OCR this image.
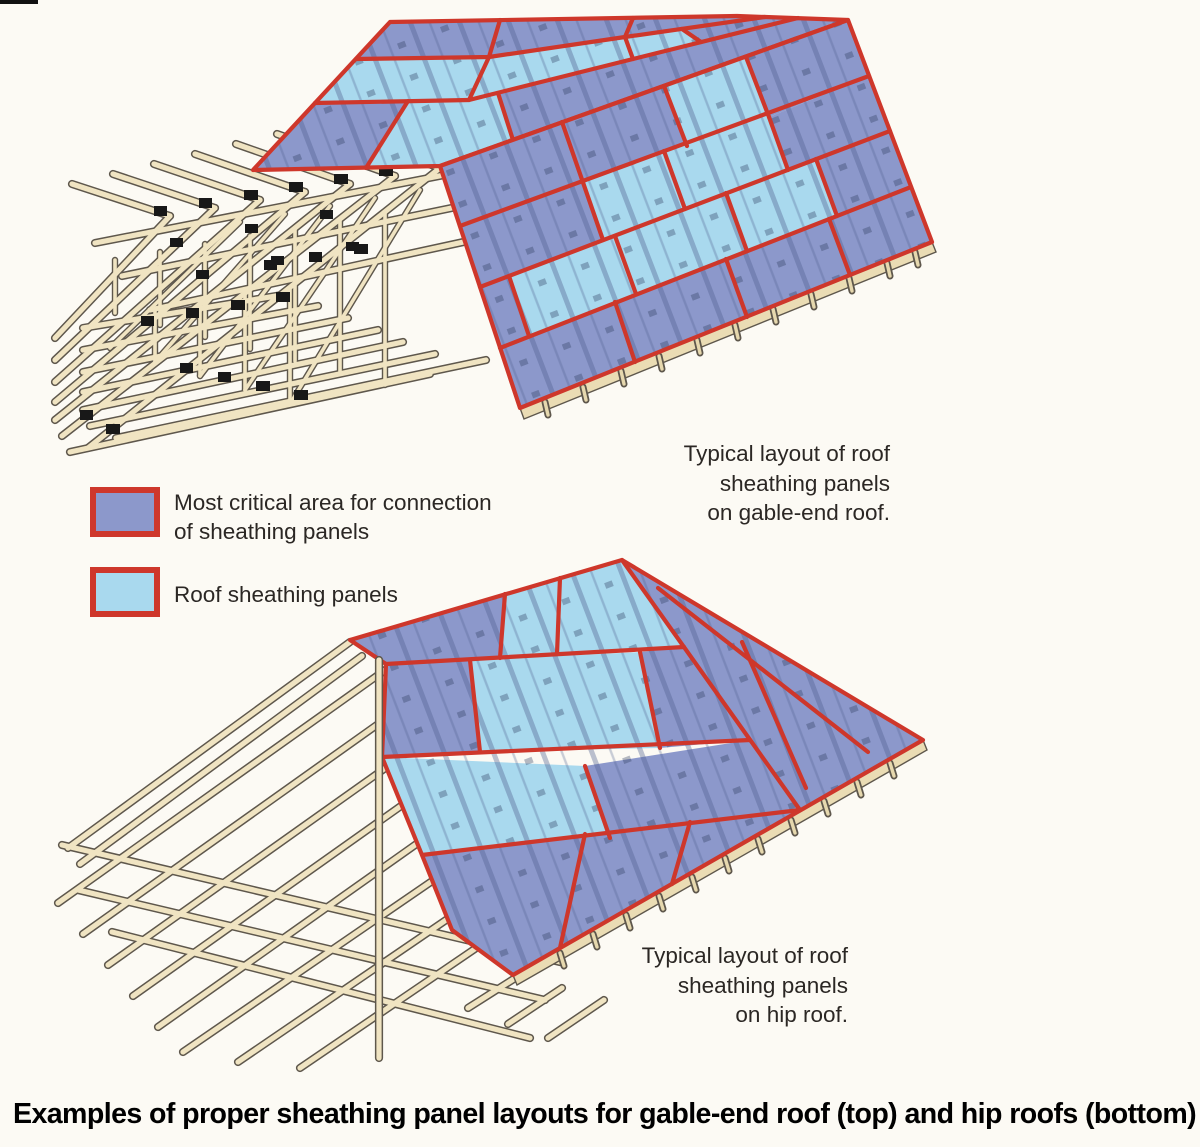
Most critical area for connection
of sheathing panels
Roof sheathing panels
Typical layout of roof
sheathing panels
on gable-end roof.
Typical layout of roof
sheathing panels
on hip roof.
Examples of proper sheathing panel layouts for gable-end roof (top) and hip roofs (bottom)
